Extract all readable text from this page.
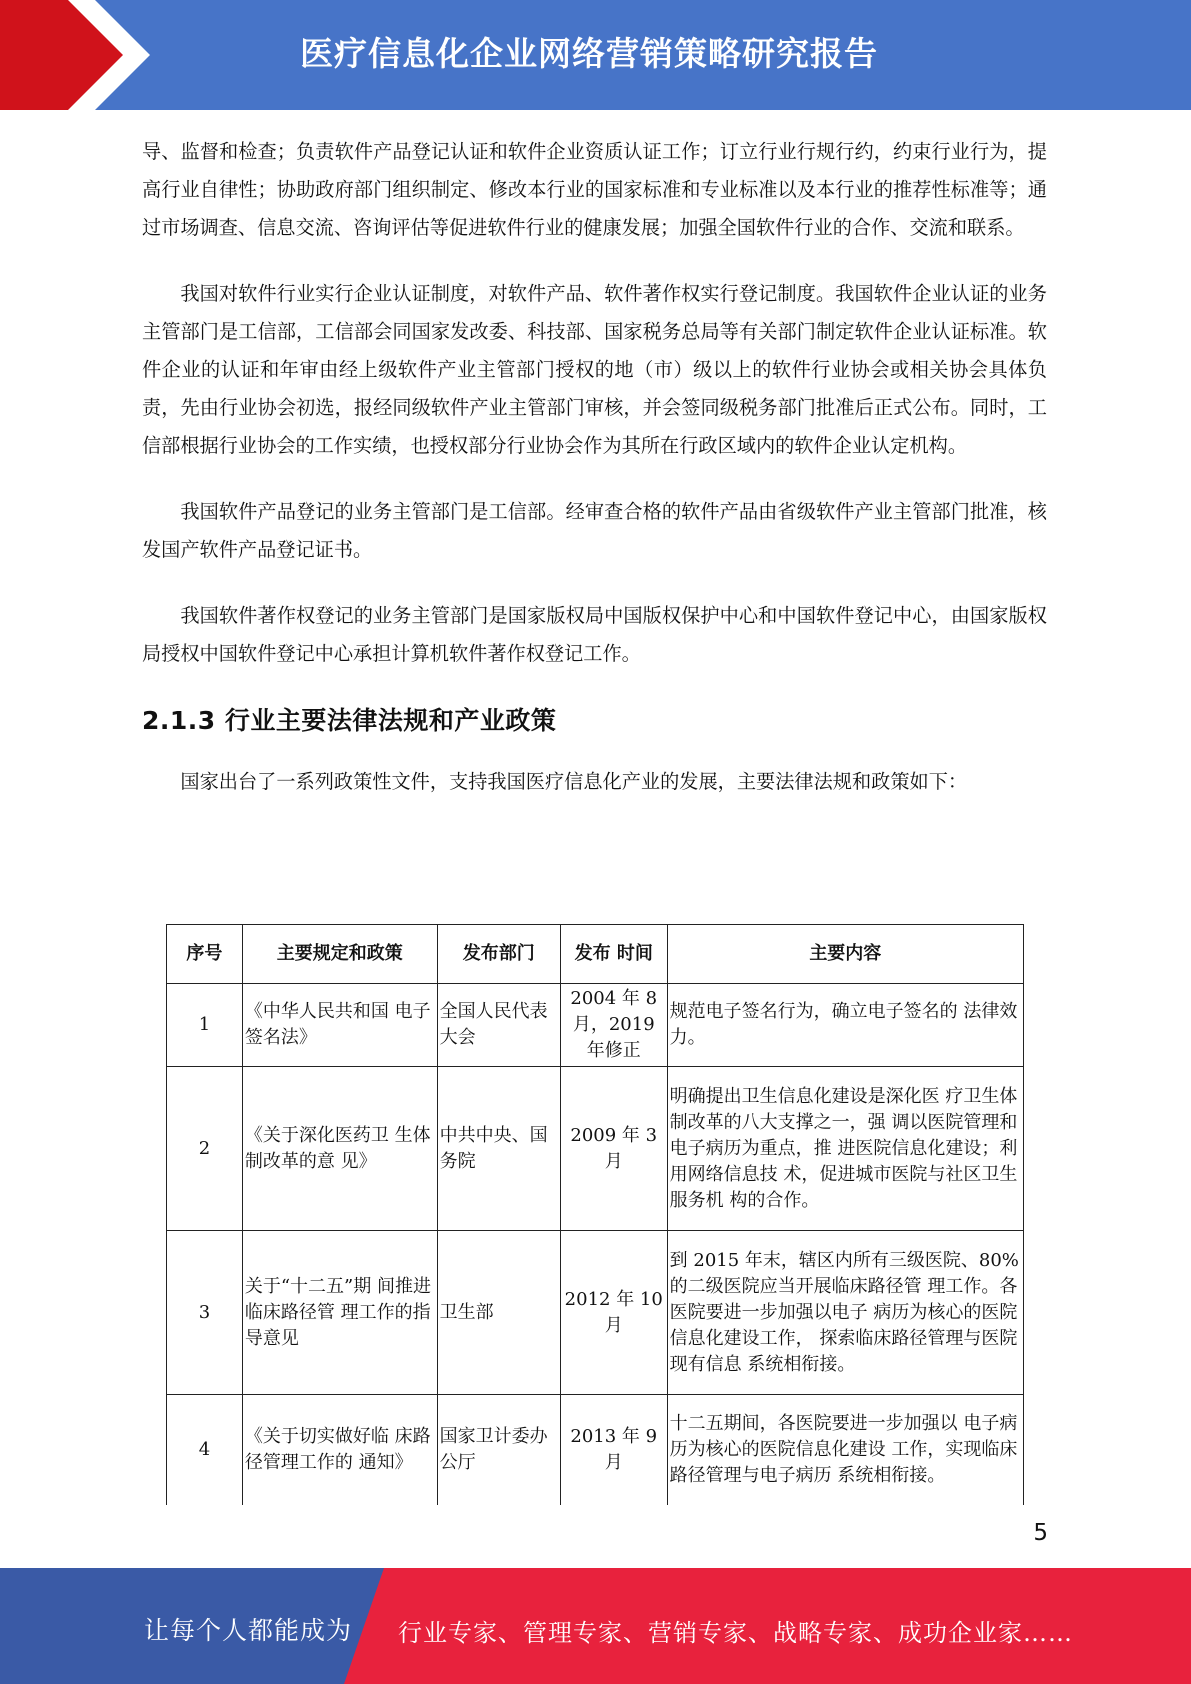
医疗信息化企业网络营销策略研究报告

导、监督和检查；负责软件产品登记认证和软件企业资质认证工作；订立行业行规行约，约束行业行为，提高行业自律性；协助政府部门组织制定、修改本行业的国家标准和专业标准以及本行业的推荐性标准等；通过市场调查、信息交流、咨询评估等促进软件行业的健康发展；加强全国软件行业的合作、交流和联系。

我国对软件行业实行企业认证制度，对软件产品、软件著作权实行登记制度。我国软件企业认证的业务主管部门是工信部，工信部会同国家发改委、科技部、国家税务总局等有关部门制定软件企业认证标准。软件企业的认证和年审由经上级软件产业主管部门授权的地（市）级以上的软件行业协会或相关协会具体负责，先由行业协会初选，报经同级软件产业主管部门审核，并会签同级税务部门批准后正式公布。同时，工信部根据行业协会的工作实绩，也授权部分行业协会作为其所在行政区域内的软件企业认定机构。

我国软件产品登记的业务主管部门是工信部。经审查合格的软件产品由省级软件产业主管部门批准，核发国产软件产品登记证书。

我国软件著作权登记的业务主管部门是国家版权局中国版权保护中心和中国软件登记中心，由国家版权局授权中国软件登记中心承担计算机软件著作权登记工作。

2.1.3 行业主要法律法规和产业政策

国家出台了一系列政策性文件，支持我国医疗信息化产业的发展，主要法律法规和政策如下：

序号	主要规定和政策	发布部门	发布 时间	主要内容
1	《中华人民共和国 电子签名法》	全国人民代表大会	2004 年 8 月，2019 年修正	规范电子签名行为，确立电子签名的 法律效力。
2	《关于深化医药卫 生体制改革的意 见》	中共中央、国务院	2009 年 3 月	明确提出卫生信息化建设是深化医 疗卫生体制改革的八大支撑之一，强 调以医院管理和电子病历为重点，推 进医院信息化建设；利用网络信息技 术，促进城市医院与社区卫生服务机 构的合作。
3	关于“十二五”期 间推进临床路径管 理工作的指导意见	卫生部	2012 年 10 月	到 2015 年末，辖区内所有三级医院、80%的二级医院应当开展临床路径管 理工作。各医院要进一步加强以电子 病历为核心的医院信息化建设工作， 探索临床路径管理与医院现有信息 系统相衔接。
4	《关于切实做好临 床路径管理工作的 通知》	国家卫计委办公厅	2013 年 9 月	十二五期间，各医院要进一步加强以 电子病历为核心的医院信息化建设 工作，实现临床路径管理与电子病历 系统相衔接。
5
让每个人都能成为 行业专家、管理专家、营销专家、战略专家、成功企业家……
